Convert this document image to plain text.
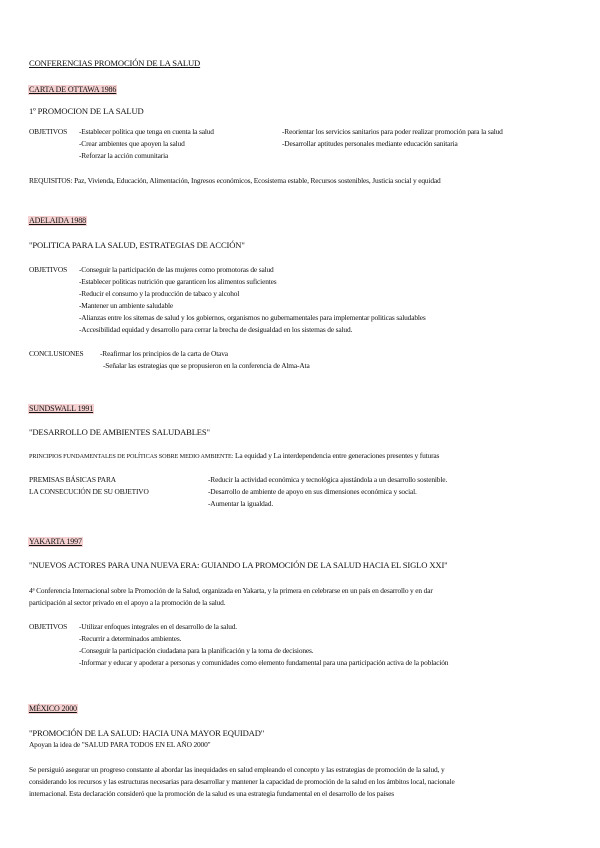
CONFERENCIAS PROMOCIÓN DE LA SALUD
CARTA DE OTTAWA 1986
1º PROMOCION DE LA SALUD
OBJETIVOS -Establecer política que tenga en cuenta la salud
-Crear ambientes que apoyen la salud
-Reforzar la acción comunitaria
-Reorientar los servicios sanitarios para poder realizar promoción para la salud
-Desarrollar aptitudes personales mediante educación sanitaria
REQUISITOS: Paz, Vivienda, Educación, Alimentación, Ingresos económicos, Ecosistema estable, Recursos sostenibles, Justicia social y equidad
ADELAIDA 1988
"POLITICA PARA LA SALUD, ESTRATEGIAS DE ACCIÓN"
OBJETIVOS -Conseguir la participación de las mujeres como promotoras de salud
-Establecer políticas nutrición que garanticen los alimentos suficientes
-Reducir el consumo y la producción de tabaco y alcohol
-Mantener un ambiente saludable
-Alianzas entre los sitemas de salud y los gobiernos, organismos no gubernamentales para implementar politicas saludables
-Accesibilidad equidad y desarrollo para cerrar la brecha de desigualdad en los sistemas de salud.
CONCLUSIONES -Reafirmar los principios de la carta de Otava
-Señalar las estrategias que se propusieron en la conferencia de Alma-Ata
SUNDSWALL 1991
"DESARROLLO DE AMBIENTES SALUDABLES"
PRINCIPIOS FUNDAMENTALES DE POLÍTICAS SOBRE MEDIO AMBIENTE: La equidad y La interdependencia entre generaciones presentes y futuras
PREMISAS BÁSICAS PARA
LA CONSECUCIÓN DE SU OBJETIVO
-Reducir la actividad económica y tecnológica ajustándola a un desarrollo sostenible.
-Desarrollo de ambiente de apoyo en sus dimensiones económica y social.
-Aumentar la igualdad.
YAKARTA 1997
"NUEVOS ACTORES PARA UNA NUEVA ERA: GUIANDO LA PROMOCIÓN DE LA SALUD HACIA EL SIGLO XXI"
4ª Conferencia Internacional sobre la Promoción de la Salud, organizada en Yakarta, y la primera en celebrarse en un país en desarrollo y en dar
participación al sector privado en el apoyo a la promoción de la salud.
OBJETIVOS -Utilizar enfoques integrales en el desarrollo de la salud.
-Recurrir a determinados ambientes.
-Conseguir la participación ciudadana para la planificación y la toma de decisiones.
-Informar y educar y apoderar a personas y comunidades como elemento fundamental para una participación activa de la población
MÉXICO 2000
"PROMOCIÓN DE LA SALUD: HACIA UNA MAYOR EQUIDAD"
Apoyan la idea de "SALUD PARA TODOS EN EL AÑO 2000"
Se persiguió asegurar un progreso constante al abordar las inequidades en salud empleando el concepto y las estrategias de promoción de la salud, y
considerando los recursos y las estructuras necesarias para desarrollar y mantener la capacidad de promoción de la salud en los ámbitos local, nacionale
internacional. Esta declaración consideró que la promoción de la salud es una estrategia fundamental en el desarrollo de los países
